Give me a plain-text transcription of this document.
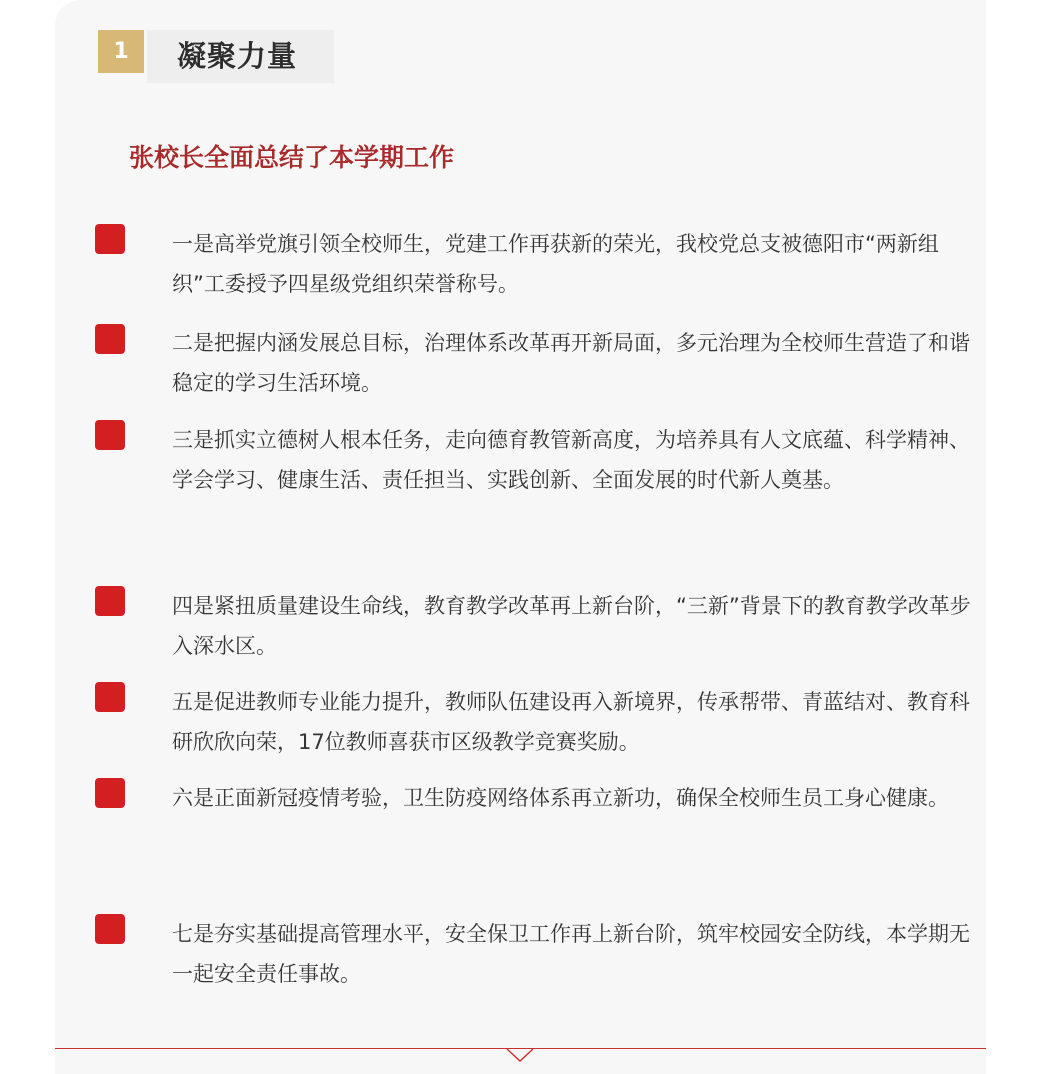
1	凝聚力量
张校长全面总结了本学期工作
一是高举党旗引领全校师生，党建工作再获新的荣光，我校党总支被德阳市“两新组织”工委授予四星级党组织荣誉称号。
二是把握内涵发展总目标，治理体系改革再开新局面，多元治理为全校师生营造了和谐稳定的学习生活环境。
三是抓实立德树人根本任务，走向德育教管新高度，为培养具有人文底蕴、科学精神、学会学习、健康生活、责任担当、实践创新、全面发展的时代新人奠基。
四是紧扭质量建设生命线，教育教学改革再上新台阶，“三新”背景下的教育教学改革步入深水区。
五是促进教师专业能力提升，教师队伍建设再入新境界，传承帮带、青蓝结对、教育科研欣欣向荣，17位教师喜获市区级教学竞赛奖励。
六是正面新冠疫情考验，卫生防疫网络体系再立新功，确保全校师生员工身心健康。
七是夯实基础提高管理水平，安全保卫工作再上新台阶，筑牢校园安全防线，本学期无一起安全责任事故。
